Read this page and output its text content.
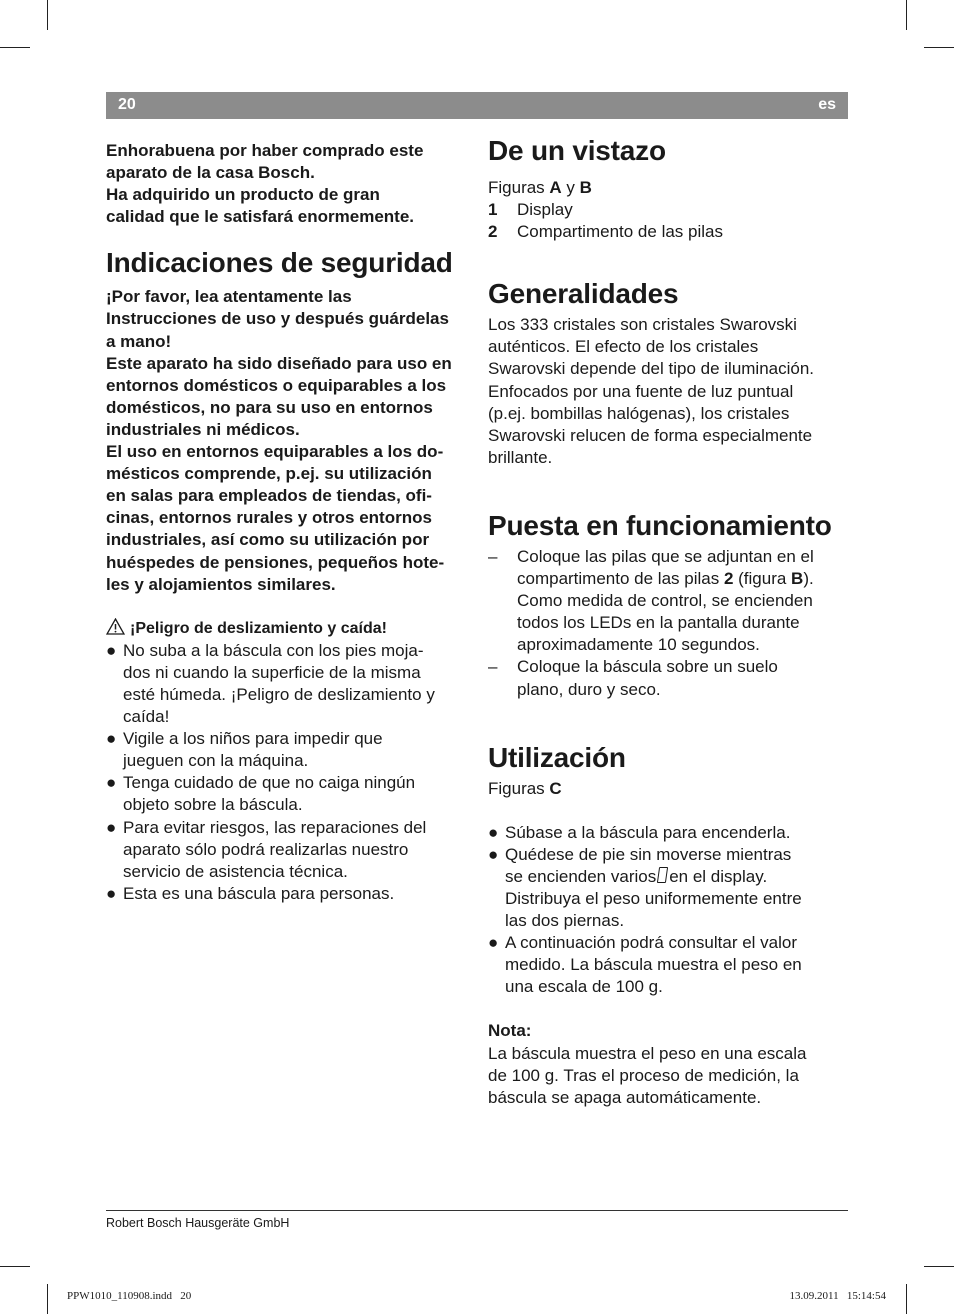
20	es

Enhorabuena por haber comprado este

aparato de la casa Bosch.

Ha adquirido un producto de gran

calidad que le satisfará enormemente.

Indicaciones de seguridad

¡Por favor, lea atentamente las

Instrucciones de uso y después guárdelas

a mano!

Este aparato ha sido diseñado para uso en

entornos domésticos o equiparables a los

domésticos, no para su uso en entornos

industriales ni médicos.

El uso en entornos equiparables a los do-

mésticos comprende, p.ej. su utilización

en salas para empleados de tiendas, ofi-

cinas, entornos rurales y otros entornos

industriales, así como su utilización por

huéspedes de pensiones, pequeños hote-

les y alojamientos similares.

¡Peligro de deslizamiento y caída!

● No suba a la báscula con los pies moja-

dos ni cuando la superficie de la misma

esté húmeda. ¡Peligro de deslizamiento y

caída!

● Vigile a los niños para impedir que

jueguen con la máquina.

● Tenga cuidado de que no caiga ningún

objeto sobre la báscula.

● Para evitar riesgos, las reparaciones del

aparato sólo podrá realizarlas nuestro

servicio de asistencia técnica.

● Esta es una báscula para personas.

De un vistazo

Figuras A y B

1 Display
2 Compartimento de las pilas
Generalidades

Los 333 cristales son cristales Swarovski

auténticos. El efecto de los cristales

Swarovski depende del tipo de iluminación.

Enfocados por una fuente de luz puntual

(p.ej. bombillas halógenas), los cristales

Swarovski relucen de forma especialmente

brillante.

Puesta en funcionamiento
– Coloque las pilas que se adjuntan en el

compartimento de las pilas 2 (figura B).

Como medida de control, se encienden

todos los LEDs en la pantalla durante

aproximadamente 10 segundos.

– Coloque la báscula sobre un suelo

plano, duro y seco.

Utilización

Figuras C

● Súbase a la báscula para encenderla.

● Quédese de pie sin moverse mientras

se encienden varios en el display.

Distribuya el peso uniformemente entre

las dos piernas.

● A continuación podrá consultar el valor

medido. La báscula muestra el peso en

una escala de 100 g.

Nota:

La báscula muestra el peso en una escala

de 100 g. Tras el proceso de medición, la

báscula se apaga automáticamente.

Robert Bosch Hausgeräte GmbH
PPW1010_110908.indd   20	13.09.2011   15:14:54
